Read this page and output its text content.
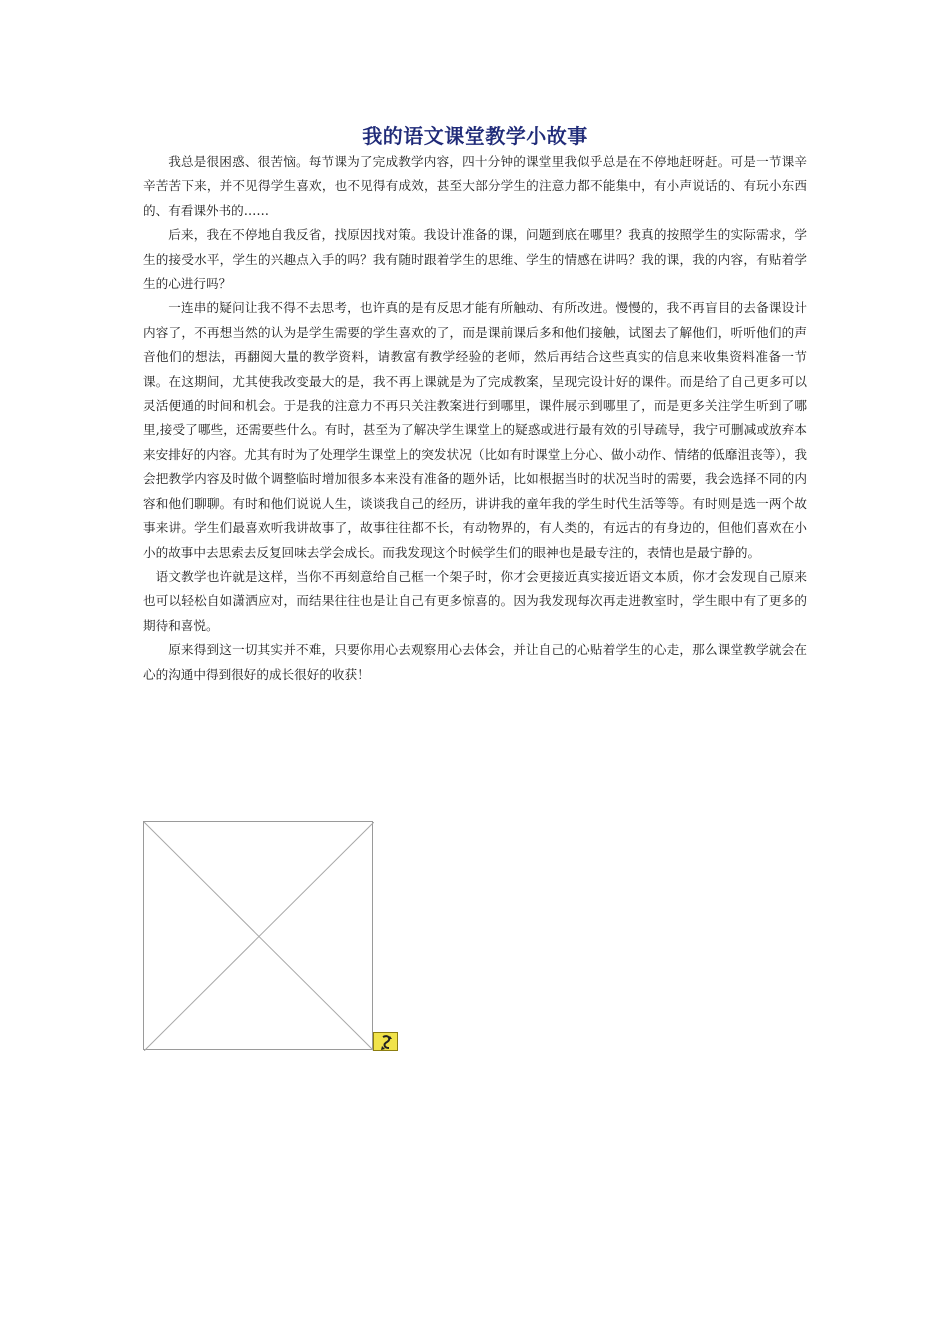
我的语文课堂教学小故事

我总是很困惑、很苦恼。每节课为了完成教学内容，四十分钟的课堂里我似乎总是在不停地赶呀赶。可是一节课辛辛苦苦下来，并不见得学生喜欢，也不见得有成效，甚至大部分学生的注意力都不能集中，有小声说话的、有玩小东西的、有看课外书的……

后来，我在不停地自我反省，找原因找对策。我设计准备的课，问题到底在哪里？我真的按照学生的实际需求，学生的接受水平，学生的兴趣点入手的吗？我有随时跟着学生的思维、学生的情感在讲吗？我的课，我的内容，有贴着学生的心进行吗？

一连串的疑问让我不得不去思考，也许真的是有反思才能有所触动、有所改进。慢慢的，我不再盲目的去备课设计内容了，不再想当然的认为是学生需要的学生喜欢的了，而是课前课后多和他们接触，试图去了解他们，听听他们的声音他们的想法，再翻阅大量的教学资料，请教富有教学经验的老师，然后再结合这些真实的信息来收集资料准备一节课。在这期间，尤其使我改变最大的是，我不再上课就是为了完成教案，呈现完设计好的课件。而是给了自己更多可以灵活便通的时间和机会。于是我的注意力不再只关注教案进行到哪里，课件展示到哪里了，而是更多关注学生听到了哪里,接受了哪些，还需要些什么。有时，甚至为了解决学生课堂上的疑惑或进行最有效的引导疏导，我宁可删减或放弃本来安排好的内容。尤其有时为了处理学生课堂上的突发状况（比如有时课堂上分心、做小动作、情绪的低靡沮丧等），我会把教学内容及时做个调整临时增加很多本来没有准备的题外话，比如根据当时的状况当时的需要，我会选择不同的内容和他们聊聊。有时和他们说说人生，谈谈我自己的经历，讲讲我的童年我的学生时代生活等等。有时则是选一两个故事来讲。学生们最喜欢听我讲故事了，故事往往都不长，有动物界的，有人类的，有远古的有身边的，但他们喜欢在小小的故事中去思索去反复回味去学会成长。而我发现这个时候学生们的眼神也是最专注的，表情也是最宁静的。

语文教学也许就是这样，当你不再刻意给自己框一个架子时，你才会更接近真实接近语文本质，你才会发现自己原来也可以轻松自如潇洒应对，而结果往往也是让自己有更多惊喜的。因为我发现每次再走进教室时，学生眼中有了更多的期待和喜悦。

原来得到这一切其实并不难，只要你用心去观察用心去体会，并让自己的心贴着学生的心走，那么课堂教学就会在心的沟通中得到很好的成长很好的收获！
